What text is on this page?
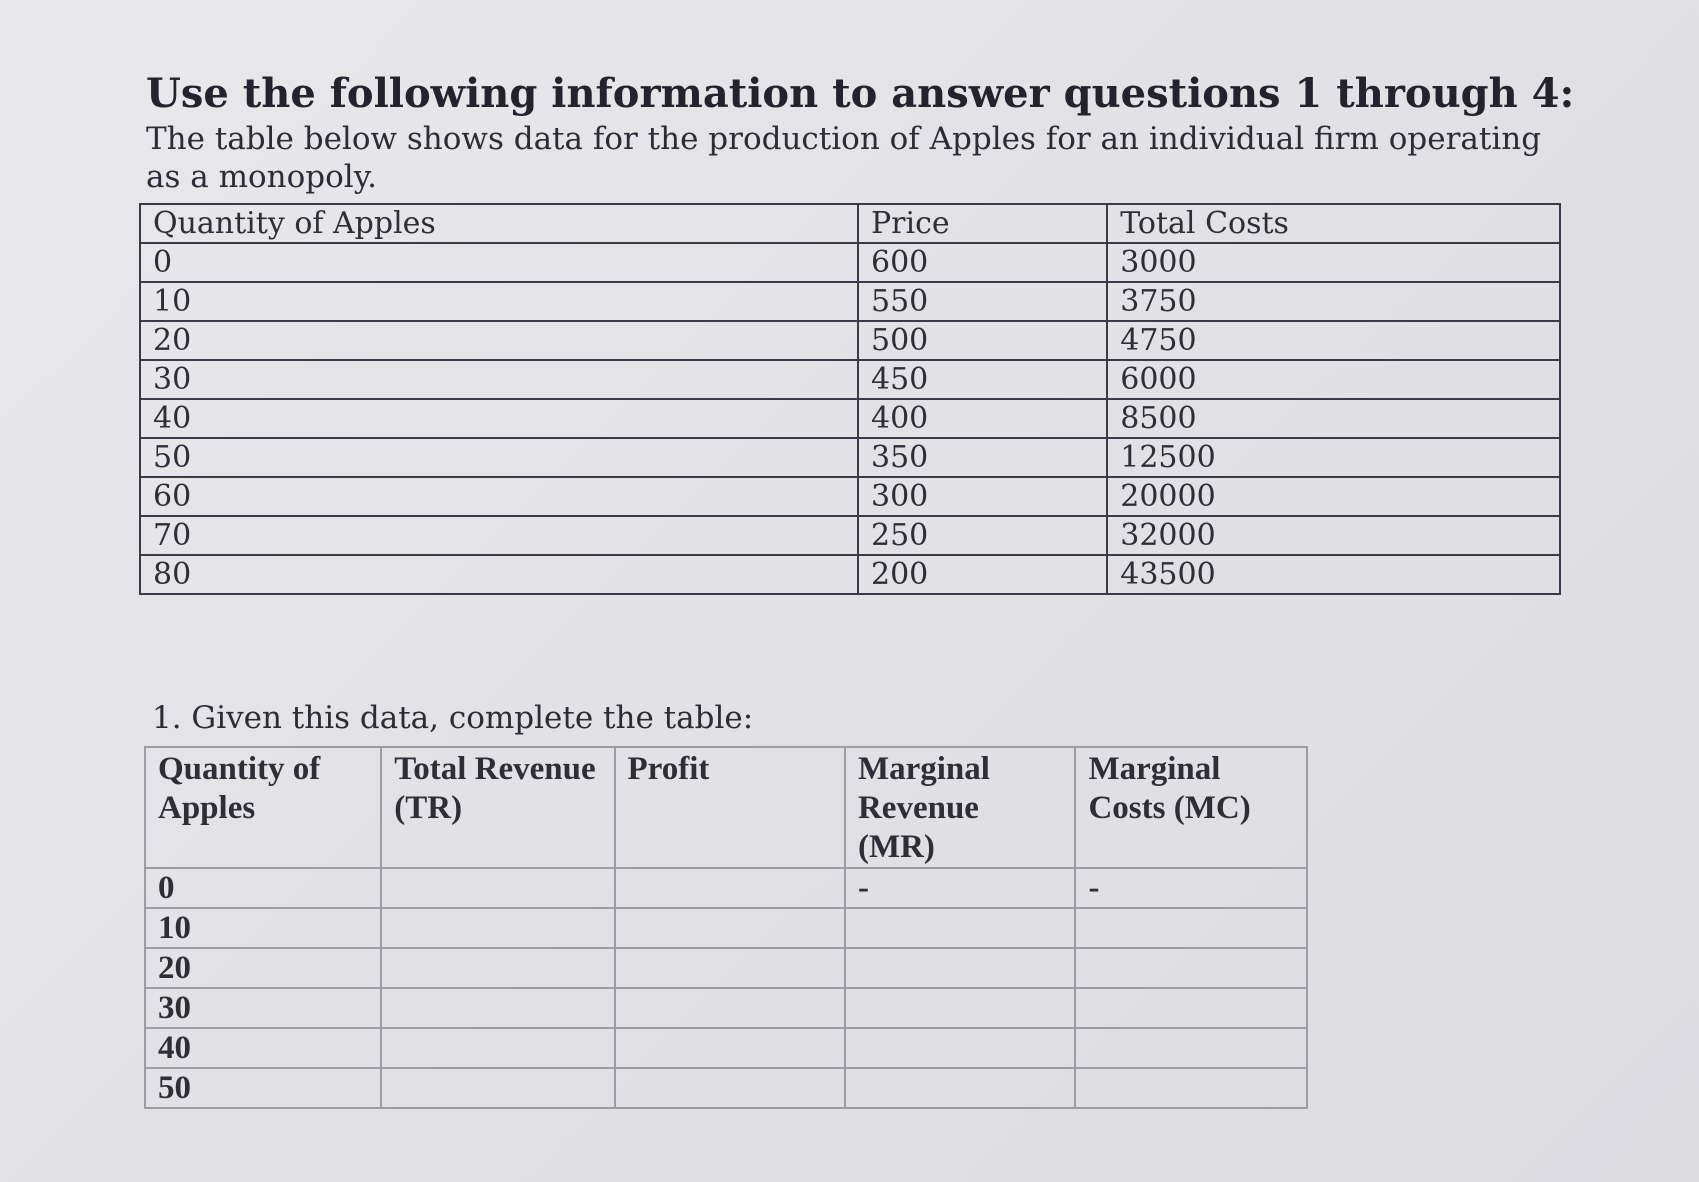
Use the following information to answer questions 1 through 4:
The table below shows data for the production of Apples for an individual firm operating as a monopoly.
Quantity of Apples	Price	Total Costs
0	600	3000
10	550	3750
20	500	4750
30	450	6000
40	400	8500
50	350	12500
60	300	20000
70	250	32000
80	200	43500
1. Given this data, complete the table:
Quantity of Apples	Total Revenue (TR)	Profit	Marginal Revenue (MR)	Marginal Costs (MC)
0			-	-
10				
20				
30				
40				
50				
